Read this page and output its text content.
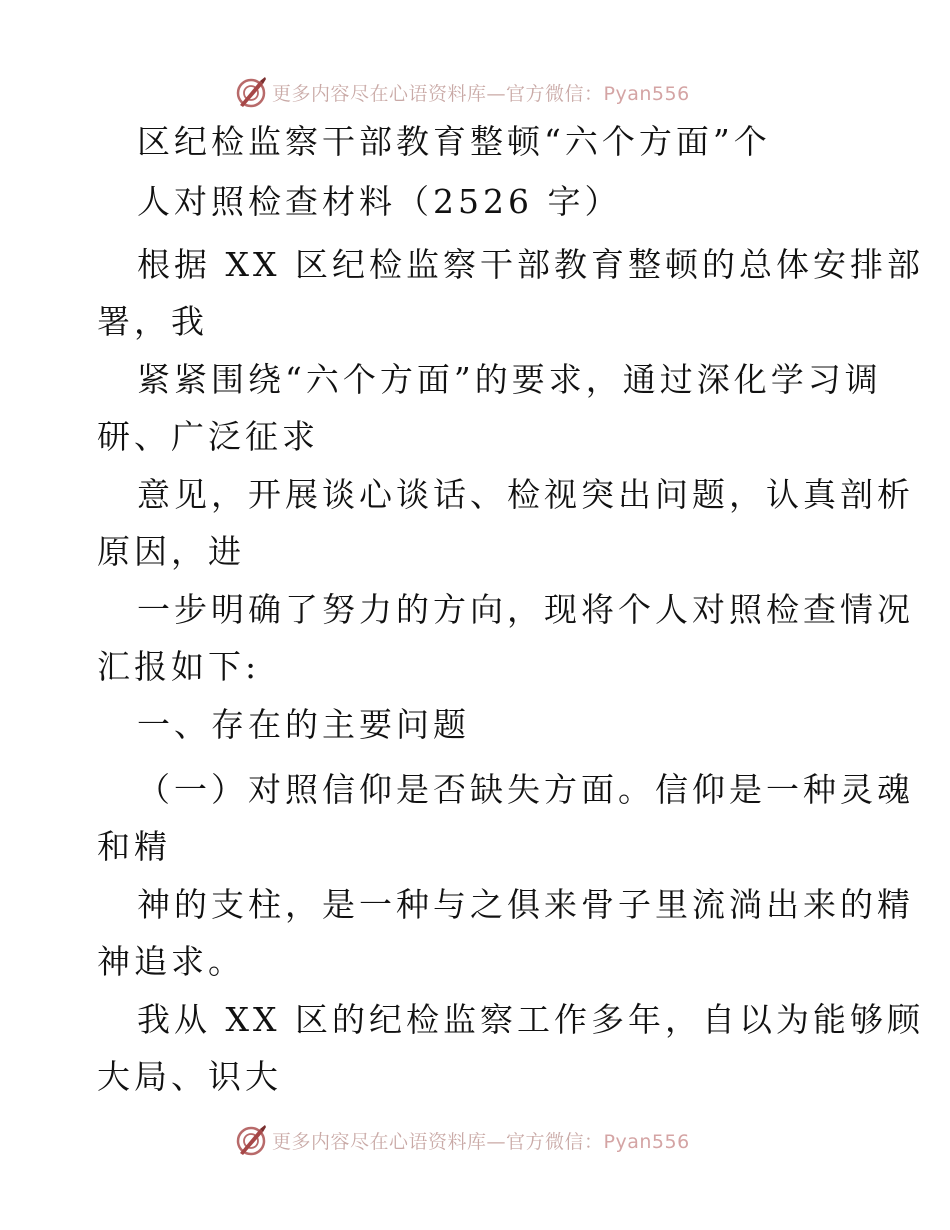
更多内容尽在心语资料库—官方微信：Pyan556
区纪检监察干部教育整顿“六个方面”个
人对照检查材料（2526 字）
根据 XX 区纪检监察干部教育整顿的总体安排部
署，我
紧紧围绕“六个方面”的要求，通过深化学习调
研、广泛征求
意见，开展谈心谈话、检视突出问题，认真剖析
原因，进
一步明确了努力的方向，现将个人对照检查情况
汇报如下:
一、存在的主要问题
（一）对照信仰是否缺失方面。信仰是一种灵魂
和精
神的支柱，是一种与之俱来骨子里流淌出来的精
神追求。
我从 XX 区的纪检监察工作多年，自以为能够顾
大局、识大
更多内容尽在心语资料库—官方微信：Pyan556
